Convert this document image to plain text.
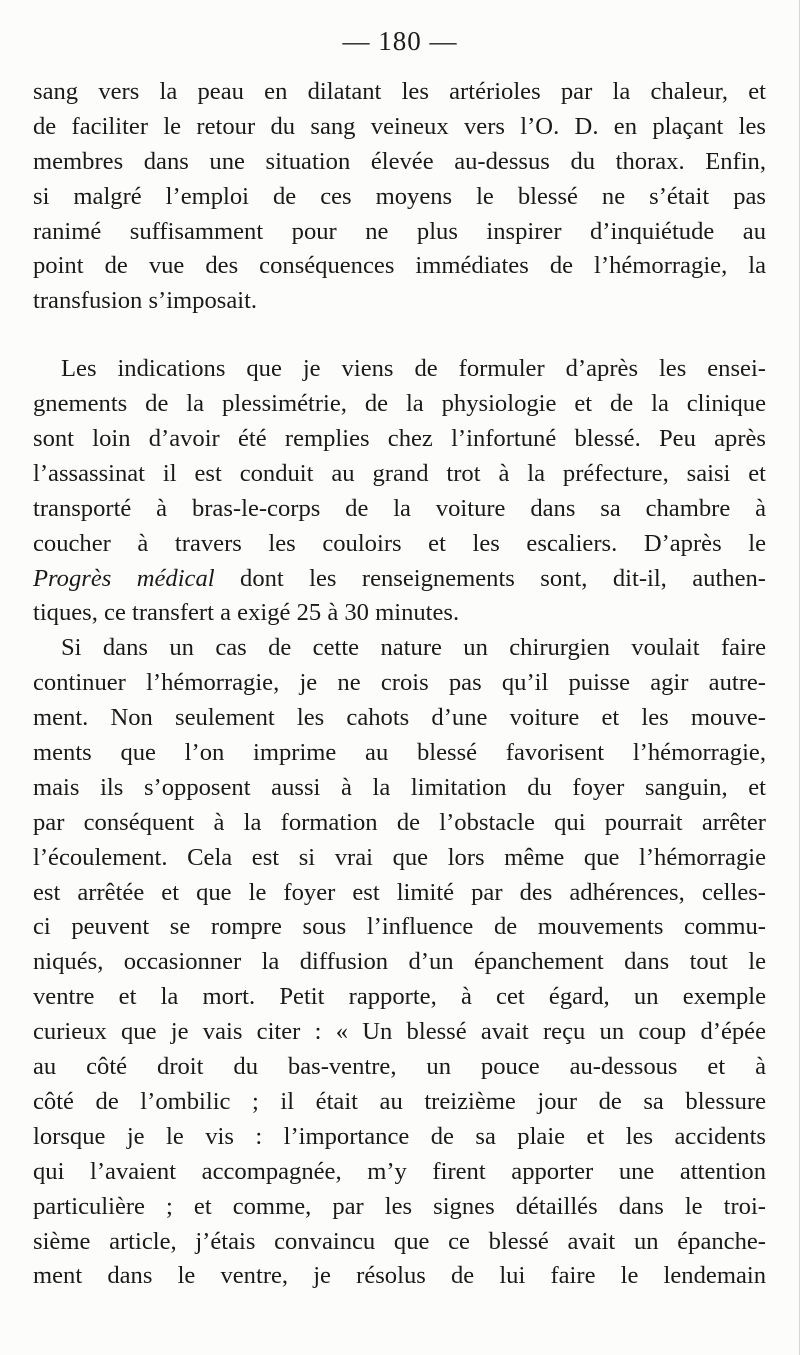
— 180 —
sang vers la peau en dilatant les artérioles par la chaleur, et
de faciliter le retour du sang veineux vers l’O. D. en plaçant les
membres dans une situation élevée au-dessus du thorax. Enfin,
si malgré l’emploi de ces moyens le blessé ne s’était pas
ranimé suffisamment pour ne plus inspirer d’inquiétude au
point de vue des conséquences immédiates de l’hémorragie, la
transfusion s’imposait.
Les indications que je viens de formuler d’après les ensei-
gnements de la plessimétrie, de la physiologie et de la clinique
sont loin d’avoir été remplies chez l’infortuné blessé. Peu après
l’assassinat il est conduit au grand trot à la préfecture, saisi et
transporté à bras-le-corps de la voiture dans sa chambre à
coucher à travers les couloirs et les escaliers. D’après le
Progrès médical dont les renseignements sont, dit-il, authen-
tiques, ce transfert a exigé 25 à 30 minutes.
Si dans un cas de cette nature un chirurgien voulait faire
continuer l’hémorragie, je ne crois pas qu’il puisse agir autre-
ment. Non seulement les cahots d’une voiture et les mouve-
ments que l’on imprime au blessé favorisent l’hémorragie,
mais ils s’opposent aussi à la limitation du foyer sanguin, et
par conséquent à la formation de l’obstacle qui pourrait arrêter
l’écoulement. Cela est si vrai que lors même que l’hémorragie
est arrêtée et que le foyer est limité par des adhérences, celles-
ci peuvent se rompre sous l’influence de mouvements commu-
niqués, occasionner la diffusion d’un épanchement dans tout le
ventre et la mort. Petit rapporte, à cet égard, un exemple
curieux que je vais citer : « Un blessé avait reçu un coup d’épée
au côté droit du bas-ventre, un pouce au-dessous et à
côté de l’ombilic ; il était au treizième jour de sa blessure
lorsque je le vis : l’importance de sa plaie et les accidents
qui l’avaient accompagnée, m’y firent apporter une attention
particulière ; et comme, par les signes détaillés dans le troi-
sième article, j’étais convaincu que ce blessé avait un épanche-
ment dans le ventre, je résolus de lui faire le lendemain
